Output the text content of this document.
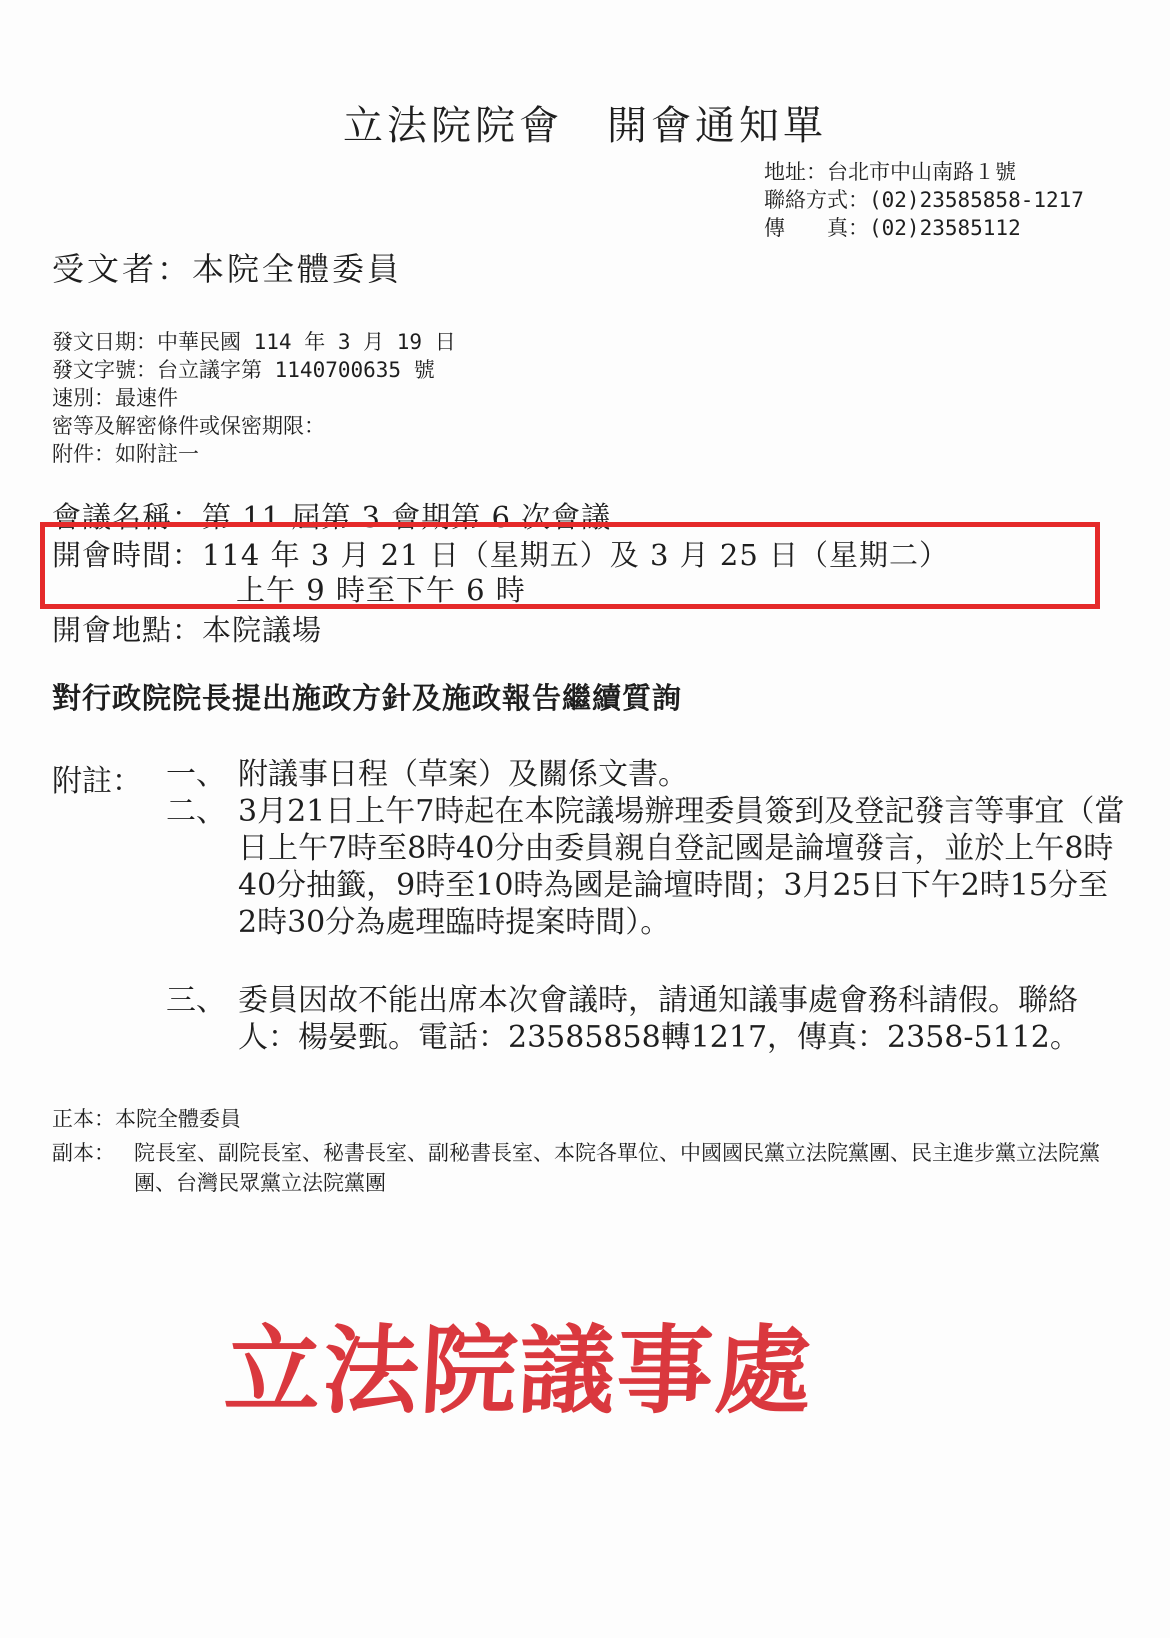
立法院院會　開會通知單
地址：台北市中山南路１號
聯絡方式：(02)23585858-1217
傳　　真：(02)23585112
受文者：本院全體委員
發文日期：中華民國 114 年 3 月 19 日
發文字號：台立議字第 1140700635 號
速別：最速件
密等及解密條件或保密期限：
附件：如附註一
會議名稱：第 11 屆第 3 會期第 6 次會議
開會時間：114 年 3 月 21 日（星期五）及 3 月 25 日（星期二）
上午 9 時至下午 6 時
開會地點：本院議場
對行政院院長提出施政方針及施政報告繼續質詢
附註： 一、 附議事日程（草案）及關係文書。
二、 3月21日上午7時起在本院議場辦理委員簽到及登記發言等事宜（當日上午7時至8時40分由委員親自登記國是論壇發言，並於上午8時40分抽籤，9時至10時為國是論壇時間；3月25日下午2時15分至2時30分為處理臨時提案時間）。
三、 委員因故不能出席本次會議時，請通知議事處會務科請假。聯絡人：楊晏甄。電話：23585858轉1217，傳真：2358-5112。
正本：本院全體委員
副本： 院長室、副院長室、秘書長室、副秘書長室、本院各單位、中國國民黨立法院黨團、民主進步黨立法院黨團、台灣民眾黨立法院黨團
立法院議事處
